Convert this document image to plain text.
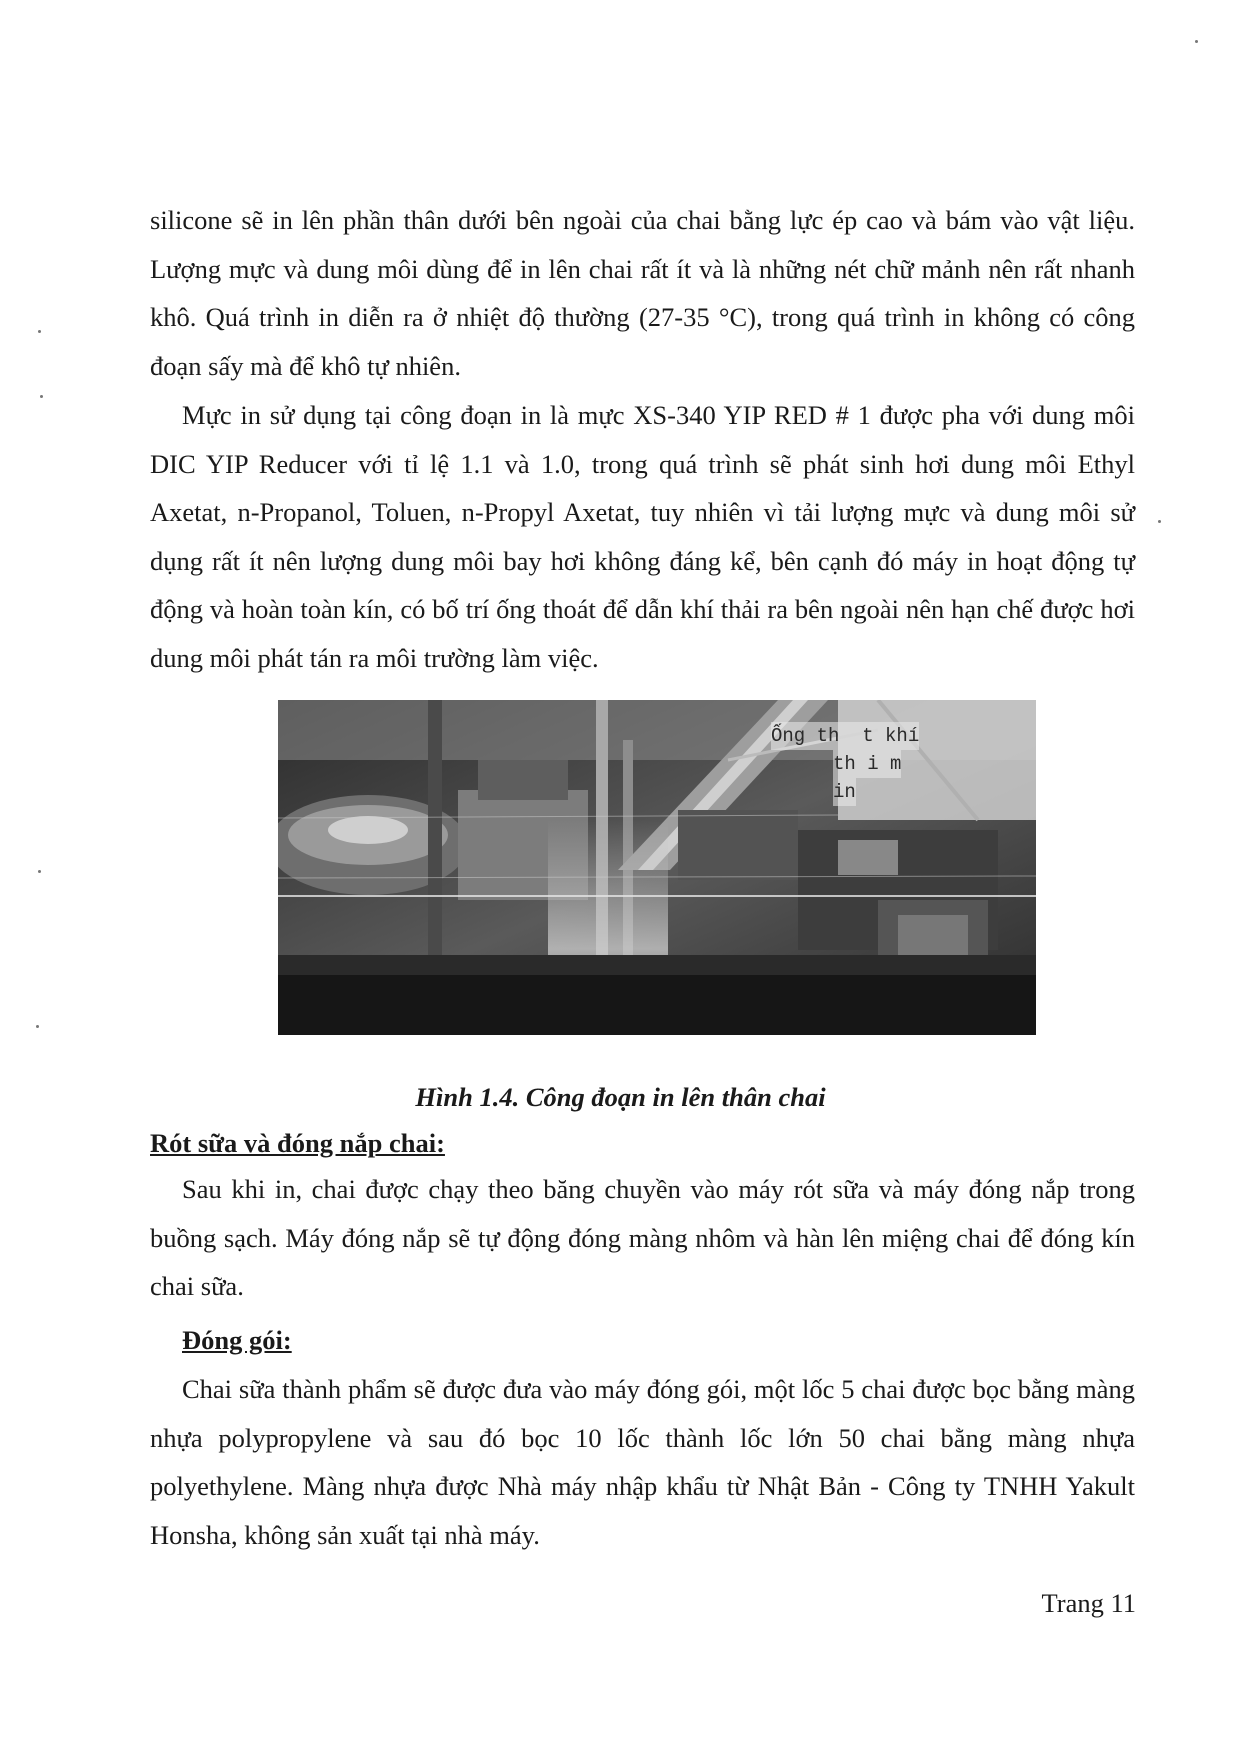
silicone sẽ in lên phần thân dưới bên ngoài của chai bằng lực ép cao và bám vào vật liệu. Lượng mực và dung môi dùng để in lên chai rất ít và là những nét chữ mảnh nên rất nhanh khô. Quá trình in diễn ra ở nhiệt độ thường (27-35 °C), trong quá trình in không có công đoạn sấy mà để khô tự nhiên.

Mực in sử dụng tại công đoạn in là mực XS-340 YIP RED # 1 được pha với dung môi DIC YIP Reducer với tỉ lệ 1.1 và 1.0, trong quá trình sẽ phát sinh hơi dung môi Ethyl Axetat, n-Propanol, Toluen, n-Propyl Axetat, tuy nhiên vì tải lượng mực và dung môi sử dụng rất ít nên lượng dung môi bay hơi không đáng kể, bên cạnh đó máy in hoạt động tự động và hoàn toàn kín, có bố trí ống thoát để dẫn khí thải ra bên ngoài nên hạn chế được hơi dung môi phát tán ra môi trường làm việc.

Ống th  t khí
th i m
in

Hình 1.4. Công đoạn in lên thân chai

Rót sữa và đóng nắp chai:

Sau khi in, chai được chạy theo băng chuyền vào máy rót sữa và máy đóng nắp trong buồng sạch. Máy đóng nắp sẽ tự động đóng màng nhôm và hàn lên miệng chai để đóng kín chai sữa.

Đóng gói:

Chai sữa thành phẩm sẽ được đưa vào máy đóng gói, một lốc 5 chai được bọc bằng màng nhựa polypropylene và sau đó bọc 10 lốc thành lốc lớn 50 chai bằng màng nhựa polyethylene. Màng nhựa được Nhà máy nhập khẩu từ Nhật Bản - Công ty TNHH Yakult Honsha, không sản xuất tại nhà máy.

Trang 11
